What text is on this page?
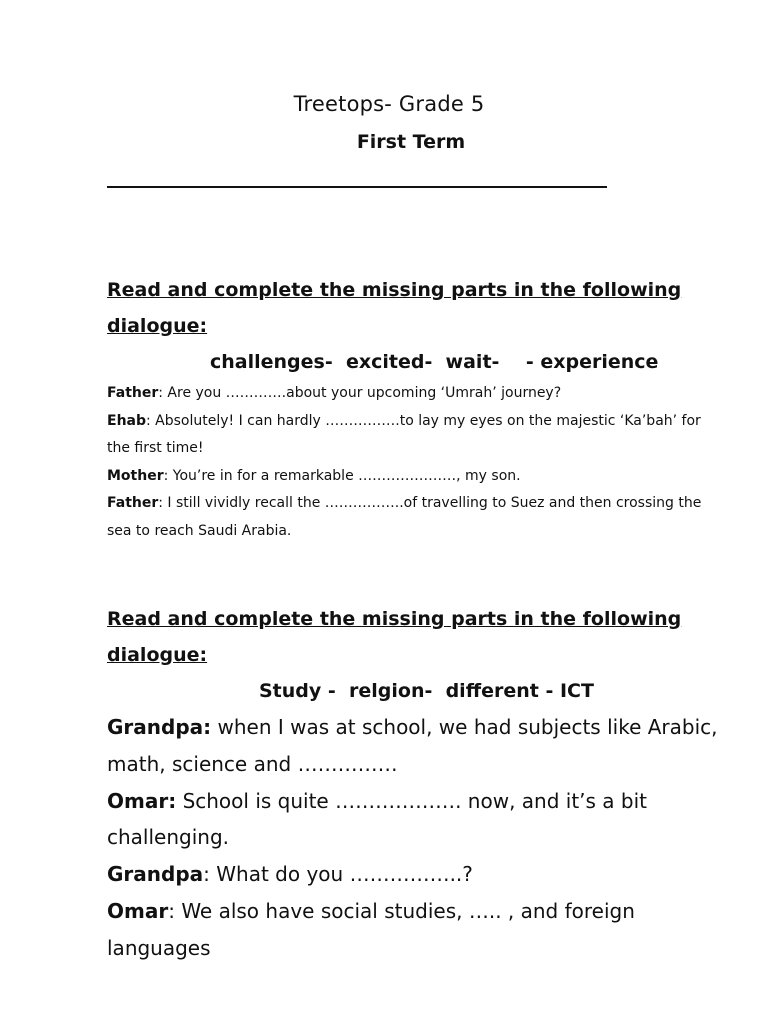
Treetops- Grade 5
First Term

Read and complete the missing parts in the following dialogue:

challenges-  excited-  wait-    - experience

Father: Are you ………….about your upcoming ‘Umrah’ journey?

Ehab: Absolutely! I can hardly …………….to lay my eyes on the majestic ‘Ka’bah’ for the first time!

Mother: You’re in for a remarkable …………………, my son.

Father: I still vividly recall the ……………..of travelling to Suez and then crossing the sea to reach Saudi Arabia.

Read and complete the missing parts in the following dialogue:

Study -  relgion-  different - ICT

Grandpa: when I was at school, we had subjects like Arabic, math, science and ……………

Omar: School is quite ………………. now, and it’s a bit challenging.

Grandpa: What do you ……………..?

Omar: We also have social studies, ….. , and foreign languages
